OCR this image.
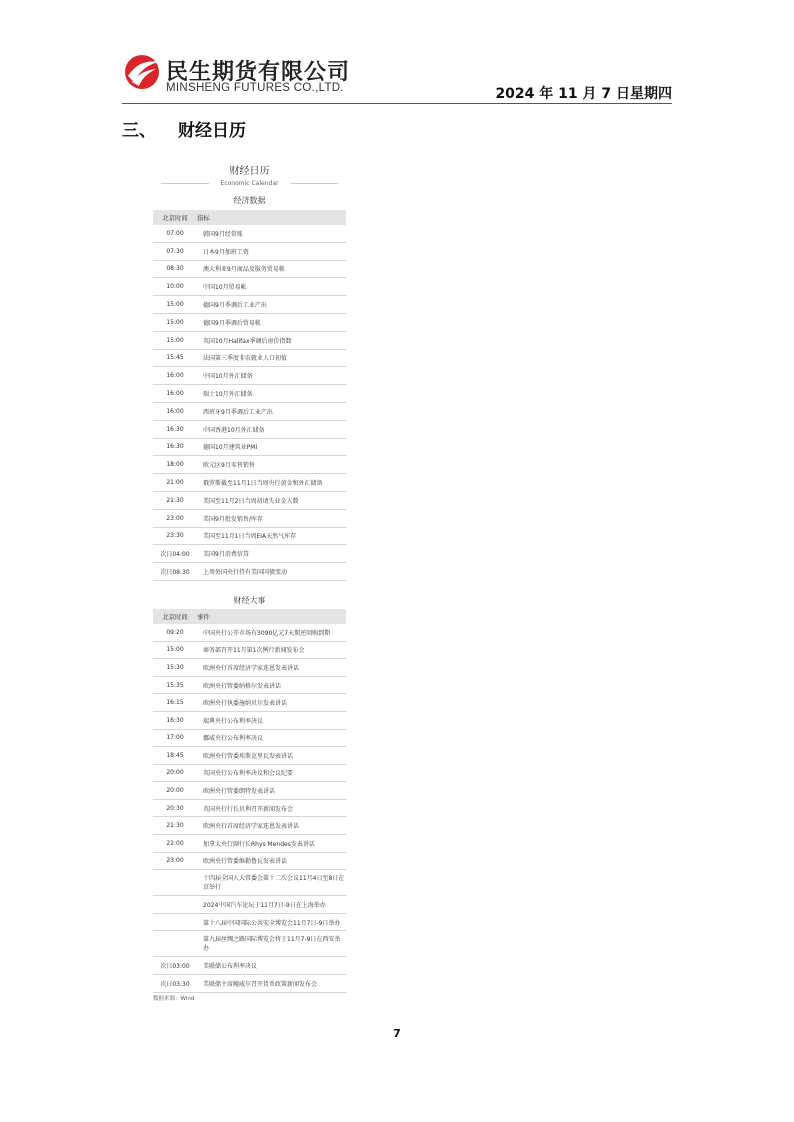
民生期货有限公司
MINSHENG FUTURES CO.,LTD.	2024 年 11 月 7 日星期四
三、 财经日历
财经日历
Economic Calendar
经济数据
北京时间	指标
07:00	韩国9月经常账
07:30	日本9月加班工资
08:30	澳大利亚9月商品及服务贸易帐
10:00	中国10月贸易帐
15:00	德国9月季调后工业产出
15:00	德国9月季调后贸易帐
15:00	英国10月Halifax季调后房价指数
15:45	法国第三季度非农就业人口初值
16:00	中国10月外汇储备
16:00	瑞士10月外汇储备
16:00	西班牙9月季调后工业产出
16:30	中国香港10月外汇储备
16:30	德国10月建筑业PMI
18:00	欧元区9月零售销售
21:00	俄罗斯截至11月1日当周央行黄金和外汇储备
21:30	美国至11月2日当周初请失业金人数
23:00	美国9月批发销售/库存
23:30	美国至11月1日当周EIA天然气库存
次日04:00	美国9月消费信贷
次日08:30	上周外国央行持有美国国债变动
财经大事
北京时间	事件
09:20	中国央行公开市场有3090亿元7天期逆回购到期
15:00	商务部召开11月第1次例行新闻发布会
15:30	欧洲央行首席经济学家连恩发表讲话
15:35	欧洲央行管委纳格尔发表讲话
16:15	欧洲央行执委施纳贝尔发表讲话
16:30	瑞典央行公布利率决议
17:00	挪威央行公布利率决议
18:45	欧洲央行管委埃斯克里瓦发表讲话
20:00	英国央行公布利率决议和会议纪要
20:00	欧洲央行管委朗特发表讲话
20:30	英国央行行长贝利召开新闻发布会
21:30	欧洲央行首席经济学家连恩发表讲话
22:00	加拿大央行副行长Rhys Mendes发表讲话
23:00	欧洲央行管委维勒鲁瓦发表讲话
	十四届全国人大常委会第十二次会议11月4日至8日在京举行
	2024中国汽车论坛于11月7日-9日在上海举办
	第十八届中国国际公共安全博览会11月7日-9日举办
	第九届丝绸之路国际博览会将于11月7-9日在西安举办
次日03:00	美联储公布利率决议
次日03:30	美联储主席鲍威尔召开货币政策新闻发布会
数据来源：Wind
7
